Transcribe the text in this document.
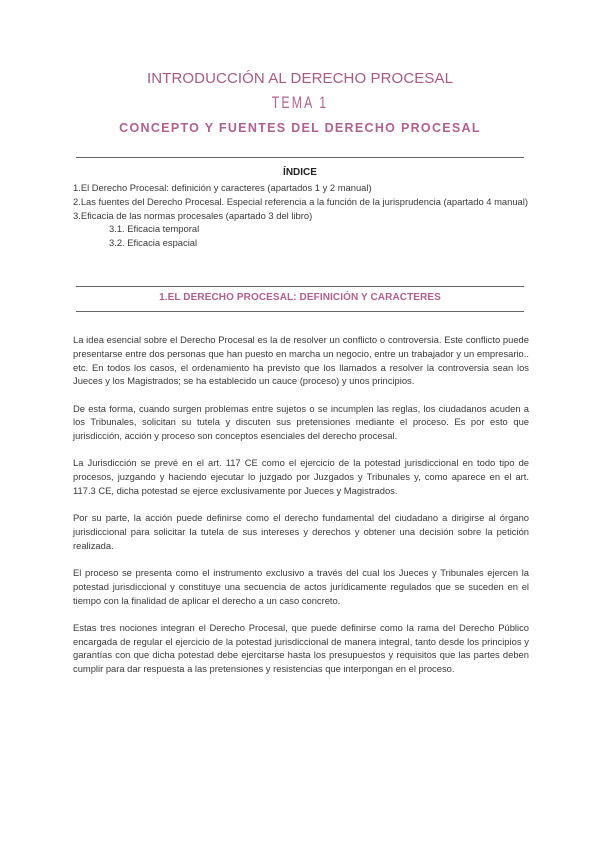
INTRODUCCIÓN AL DERECHO PROCESAL
TEMA 1
CONCEPTO Y FUENTES DEL DERECHO PROCESAL
ÍNDICE

1.El Derecho Procesal: definición y caracteres (apartados 1 y 2 manual)

2.Las fuentes del Derecho Procesal. Especial referencia a la función de la jurisprudencia (apartado 4 manual)

3.Eficacia de las normas procesales (apartado 3 del libro)

3.1. Eficacia temporal

3.2. Eficacia espacial

1.EL DERECHO PROCESAL: DEFINICIÓN Y CARACTERES

La idea esencial sobre el Derecho Procesal es la de resolver un conflicto o controversia. Este conflicto puede presentarse entre dos personas que han puesto en marcha un negocio, entre un trabajador y un empresario.. etc. En todos los casos, el ordenamiento ha previsto que los llamados a resolver la controversia sean los Jueces y los Magistrados; se ha establecido un cauce (proceso) y unos principios.

De esta forma, cuando surgen problemas entre sujetos o se incumplen las reglas, los ciudadanos acuden a los Tribunales, solicitan su tutela y discuten sus pretensiones mediante el proceso. Es por esto que jurisdicción, acción y proceso son conceptos esenciales del derecho procesal.

La Jurisdicción se prevé en el art. 117 CE como el ejercicio de la potestad jurisdiccional en todo tipo de procesos, juzgando y haciendo ejecutar lo juzgado por Juzgados y Tribunales y, como aparece en el art. 117.3 CE, dicha potestad se ejerce exclusivamente por Jueces y Magistrados.

Por su parte, la acción puede definirse como el derecho fundamental del ciudadano a dirigirse al órgano jurisdiccional para solicitar la tutela de sus intereses y derechos y obtener una decisión sobre la petición realizada.

El proceso se presenta como el instrumento exclusivo a través del cual los Jueces y Tribunales ejercen la potestad jurisdiccional y constituye una secuencia de actos jurídicamente regulados que se suceden en el tiempo con la finalidad de aplicar el derecho a un caso concreto.

Estas tres nociones integran el Derecho Procesal, que puede definirse como la rama del Derecho Público encargada de regular el ejercicio de la potestad jurisdiccional de manera integral, tanto desde los principios y garantías con que dicha potestad debe ejercitarse hasta los presupuestos y requisitos que las partes deben cumplir para dar respuesta a las pretensiones y resistencias que interpongan en el proceso.
